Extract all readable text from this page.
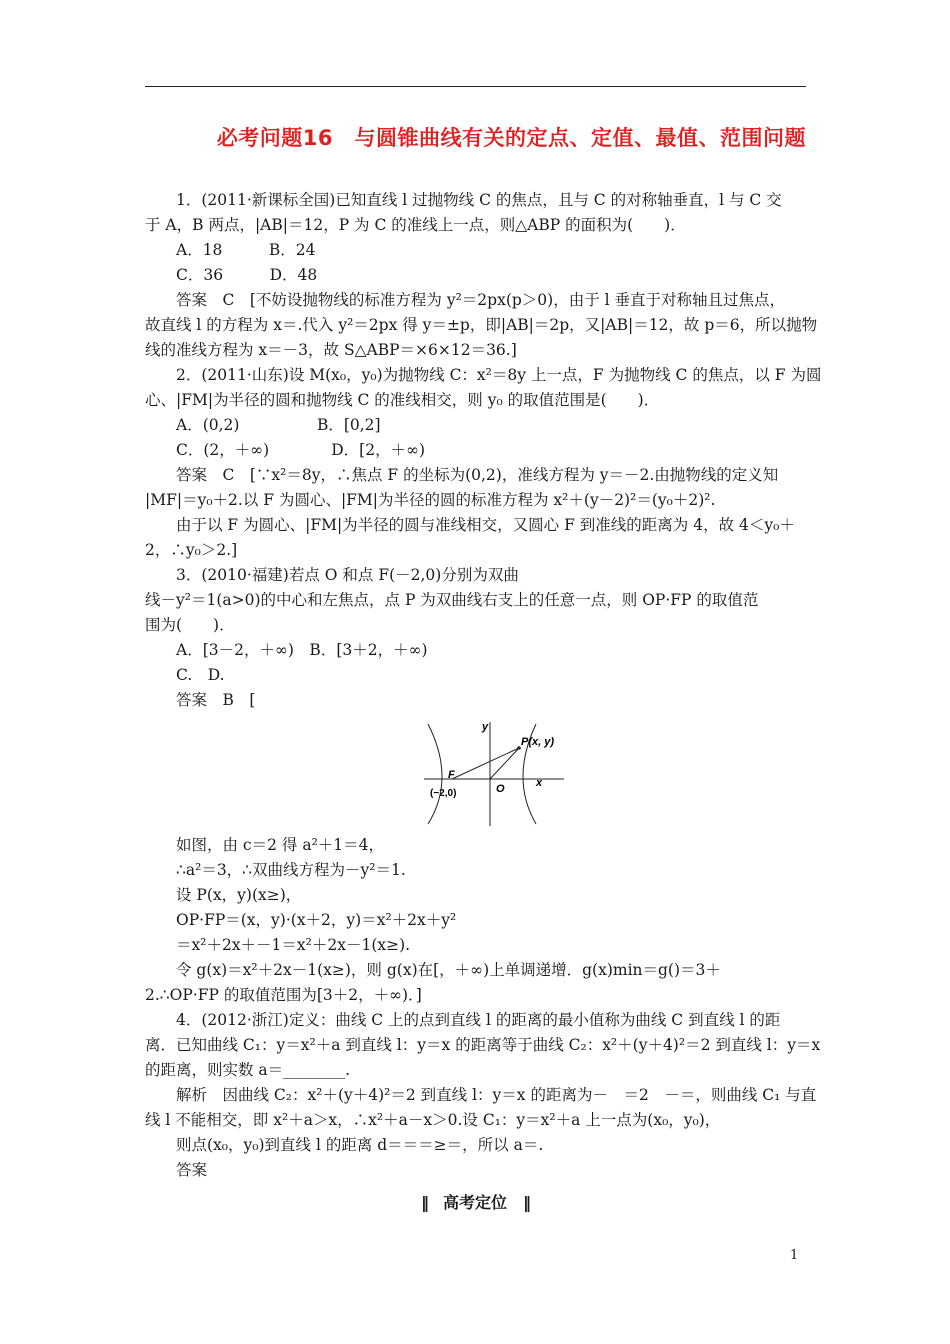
必考问题16　与圆锥曲线有关的定点、定值、最值、范围问题
1．(2011·新课标全国)已知直线 l 过抛物线 C 的焦点，且与 C 的对称轴垂直，l 与 C 交
于 A，B 两点，|AB|＝12，P 为 C 的准线上一点，则△ABP 的面积为(　　)．
A．18　　　B．24
C．36　　　D．48
答案　C　[不妨设抛物线的标准方程为 y²＝2px(p＞0)，由于 l 垂直于对称轴且过焦点，
故直线 l 的方程为 x＝.代入 y²＝2px 得 y＝±p，即|AB|＝2p，又|AB|＝12，故 p＝6，所以抛物
线的准线方程为 x＝－3，故 S△ABP＝×6×12＝36.]
2．(2011·山东)设 M(x₀，y₀)为抛物线 C：x²＝8y 上一点，F 为抛物线 C 的焦点，以 F 为圆
心、|FM|为半径的圆和抛物线 C 的准线相交，则 y₀ 的取值范围是(　　)．
A．(0,2)　　　　　B．[0,2]
C．(2，＋∞)　　　　D．[2，＋∞)
答案　C　[∵x²＝8y，∴焦点 F 的坐标为(0,2)，准线方程为 y＝－2.由抛物线的定义知
|MF|＝y₀＋2.以 F 为圆心、|FM|为半径的圆的标准方程为 x²＋(y－2)²＝(y₀＋2)².
由于以 F 为圆心、|FM|为半径的圆与准线相交，又圆心 F 到准线的距离为 4，故 4＜y₀＋
2，∴y₀＞2.]
3．(2010·福建)若点 O 和点 F(－2,0)分别为双曲
线－y²＝1(a>0)的中心和左焦点，点 P 为双曲线右支上的任意一点，则 OP·FP 的取值范
围为(　　)．
A．[3－2，＋∞)　B．[3＋2，＋∞)
C.　D.
答案　B　[
y
x
P(x, y)
F
(−2,0)	O
如图，由 c＝2 得 a²＋1＝4，
∴a²＝3，∴双曲线方程为－y²＝1.
设 P(x，y)(x≥)，
OP·FP＝(x，y)·(x＋2，y)＝x²＋2x＋y²
＝x²＋2x＋－1＝x²＋2x－1(x≥).
令 g(x)＝x²＋2x－1(x≥)，则 g(x)在[，＋∞)上单调递增．g(x)min＝g()＝3＋
2.∴OP·FP 的取值范围为[3＋2，＋∞)．]
4．(2012·浙江)定义：曲线 C 上的点到直线 l 的距离的最小值称为曲线 C 到直线 l 的距
离．已知曲线 C₁：y＝x²＋a 到直线 l：y＝x 的距离等于曲线 C₂：x²＋(y＋4)²＝2 到直线 l：y＝x
的距离，则实数 a＝________.
解析　因曲线 C₂：x²＋(y＋4)²＝2 到直线 l：y＝x 的距离为－　＝2　－＝，则曲线 C₁ 与直
线 l 不能相交，即 x²＋a＞x，∴x²＋a－x＞0.设 C₁：y＝x²＋a 上一点为(x₀，y₀)，
则点(x₀，y₀)到直线 l 的距离 d＝＝＝≥＝，所以 a＝.
答案
‖ 高考定位 ‖
1
